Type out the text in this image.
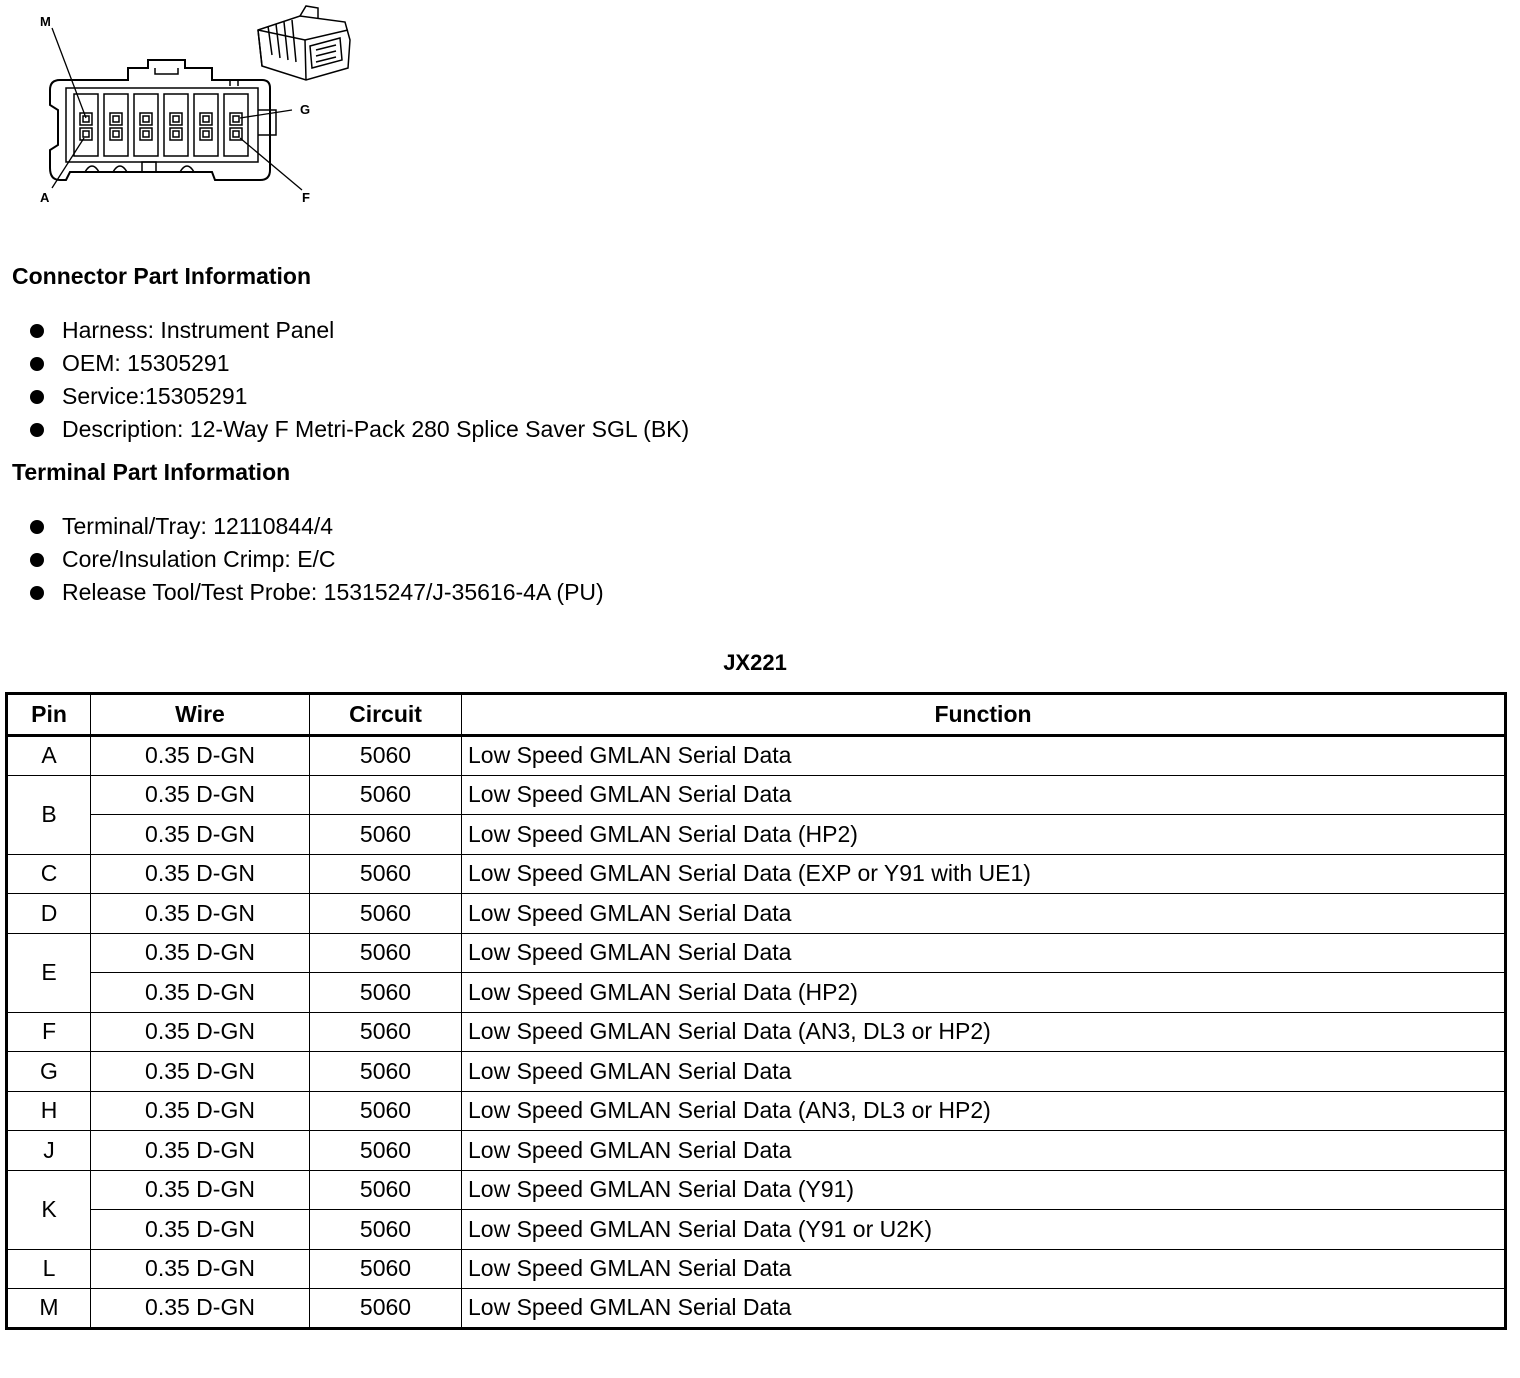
M
G
A	F
Connector Part Information
Harness: Instrument Panel
OEM: 15305291
Service:15305291
Description: 12-Way F Metri-Pack 280 Splice Saver SGL (BK)
Terminal Part Information
Terminal/Tray: 12110844/4
Core/Insulation Crimp: E/C
Release Tool/Test Probe: 15315247/J-35616-4A (PU)
JX221
Pin	Wire	Circuit	Function
A	0.35 D-GN	5060	Low Speed GMLAN Serial Data
B	0.35 D-GN	5060	Low Speed GMLAN Serial Data
	0.35 D-GN	5060	Low Speed GMLAN Serial Data (HP2)
C	0.35 D-GN	5060	Low Speed GMLAN Serial Data (EXP or Y91 with UE1)
D	0.35 D-GN	5060	Low Speed GMLAN Serial Data
E	0.35 D-GN	5060	Low Speed GMLAN Serial Data
	0.35 D-GN	5060	Low Speed GMLAN Serial Data (HP2)
F	0.35 D-GN	5060	Low Speed GMLAN Serial Data (AN3, DL3 or HP2)
G	0.35 D-GN	5060	Low Speed GMLAN Serial Data
H	0.35 D-GN	5060	Low Speed GMLAN Serial Data (AN3, DL3 or HP2)
J	0.35 D-GN	5060	Low Speed GMLAN Serial Data
K	0.35 D-GN	5060	Low Speed GMLAN Serial Data (Y91)
	0.35 D-GN	5060	Low Speed GMLAN Serial Data (Y91 or U2K)
L	0.35 D-GN	5060	Low Speed GMLAN Serial Data
M	0.35 D-GN	5060	Low Speed GMLAN Serial Data
